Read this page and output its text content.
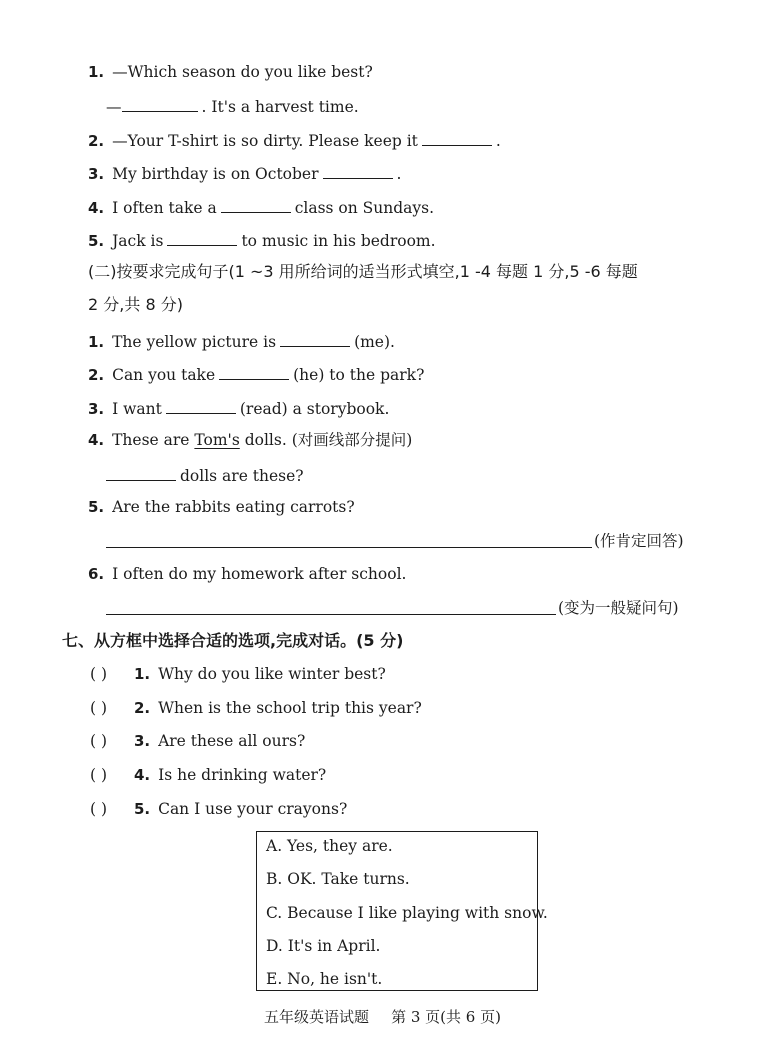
1. —Which season do you like best?
—	. It's a harvest time.
2. —Your T-shirt is so dirty. Please keep it	.
3. My birthday is on October	.
4. I often take a	class on Sundays.
5. Jack is	to music in his bedroom.
(二)按要求完成句子(1 ~3 用所给词的适当形式填空,1 -4 每题 1 分,5 -6 每题
2 分,共 8 分)
1. The yellow picture is	(me).
2. Can you take	(he) to the park?
3. I want	(read) a storybook.
4. These are Tom's dolls. (对画线部分提问)
dolls are these?
5. Are the rabbits eating carrots?
(作肯定回答)
6. I often do my homework after school.
(变为一般疑问句)
七、从方框中选择合适的选项,完成对话。(5 分)
( ) 1. Why do you like winter best?
( ) 2. When is the school trip this year?
( ) 3. Are these all ours?
( ) 4. Is he drinking water?
( ) 5. Can I use your crayons?
A. Yes, they are.
B. OK. Take turns.
C. Because I like playing with snow.
D. It's in April.
E. No, he isn't.
五年级英语试题 第 3 页(共 6 页)
